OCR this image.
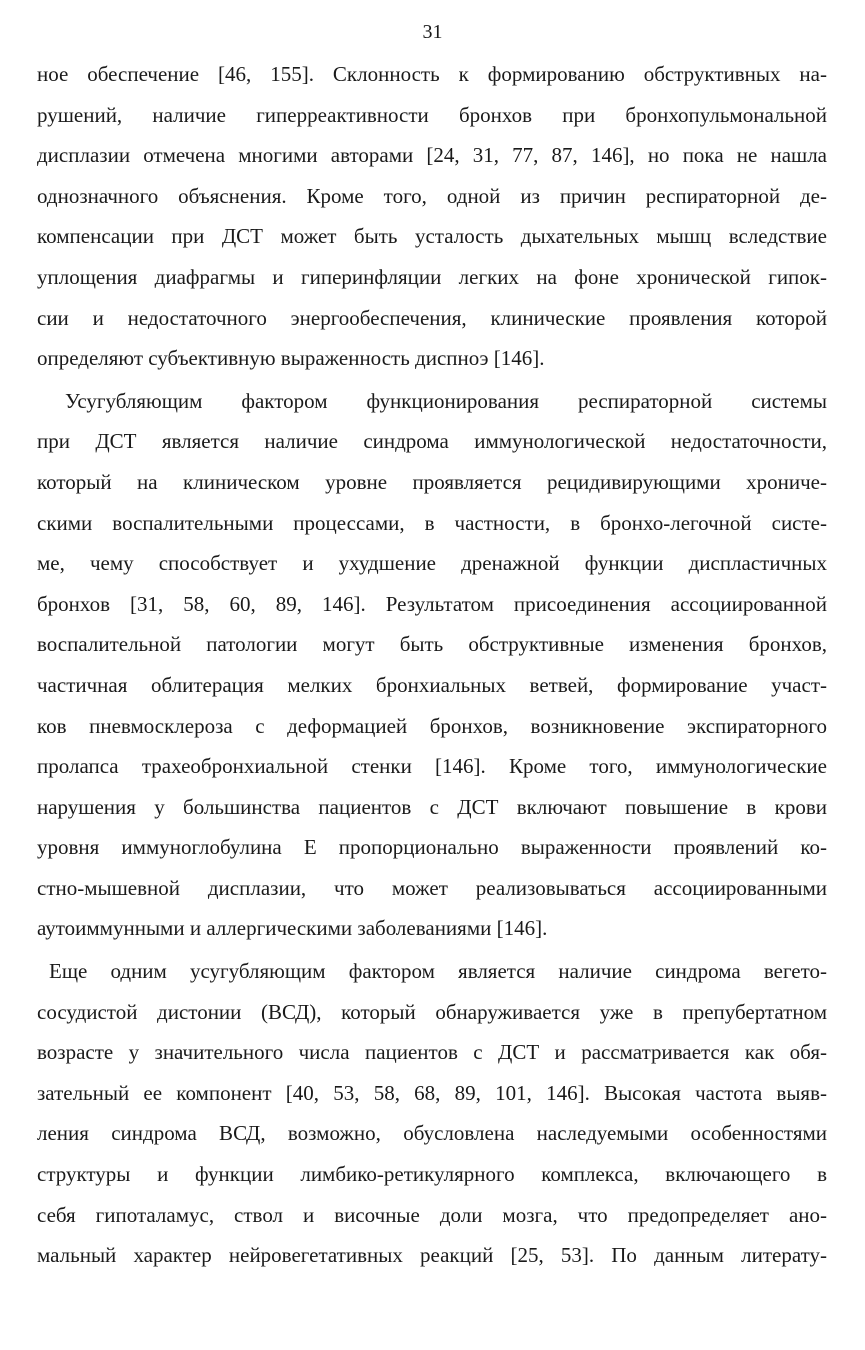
31
ное обеспечение [46, 155]. Склонность к формированию обструктивных на-
рушений, наличие гиперреактивности бронхов при бронхопульмональной
дисплазии отмечена многими авторами [24, 31, 77, 87, 146], но пока не нашла
однозначного объяснения. Кроме того, одной из причин респираторной де-
компенсации при ДСТ может быть усталость дыхательных мышц вследствие
уплощения диафрагмы и гиперинфляции легких на фоне хронической гипок-
сии и недостаточного энергообеспечения, клинические проявления которой
определяют субъективную выраженность диспноэ [146].
Усугубляющим фактором функционирования респираторной системы
при ДСТ является наличие синдрома иммунологической недостаточности,
который на клиническом уровне проявляется рецидивирующими хрониче-
скими воспалительными процессами, в частности, в бронхо-легочной систе-
ме, чему способствует и ухудшение дренажной функции диспластичных
бронхов [31, 58, 60, 89, 146]. Результатом присоединения ассоциированной
воспалительной патологии могут быть обструктивные изменения бронхов,
частичная облитерация мелких бронхиальных ветвей, формирование участ-
ков пневмосклероза с деформацией бронхов, возникновение экспираторного
пролапса трахеобронхиальной стенки [146]. Кроме того, иммунологические
нарушения у большинства пациентов с ДСТ включают повышение в крови
уровня иммуноглобулина Е пропорционально выраженности проявлений ко-
стно-мышевной дисплазии, что может реализовываться ассоциированными
аутоиммунными и аллергическими заболеваниями [146].
Еще одним усугубляющим фактором является наличие синдрома вегето-
сосудистой дистонии (ВСД), который обнаруживается уже в препубертатном
возрасте у значительного числа пациентов с ДСТ и рассматривается как обя-
зательный ее компонент [40, 53, 58, 68, 89, 101, 146]. Высокая частота выяв-
ления синдрома ВСД, возможно, обусловлена наследуемыми особенностями
структуры и функции лимбико-ретикулярного комплекса, включающего в
себя гипоталамус, ствол и височные доли мозга, что предопределяет ано-
мальный характер нейровегетативных реакций [25, 53]. По данным литерату-
